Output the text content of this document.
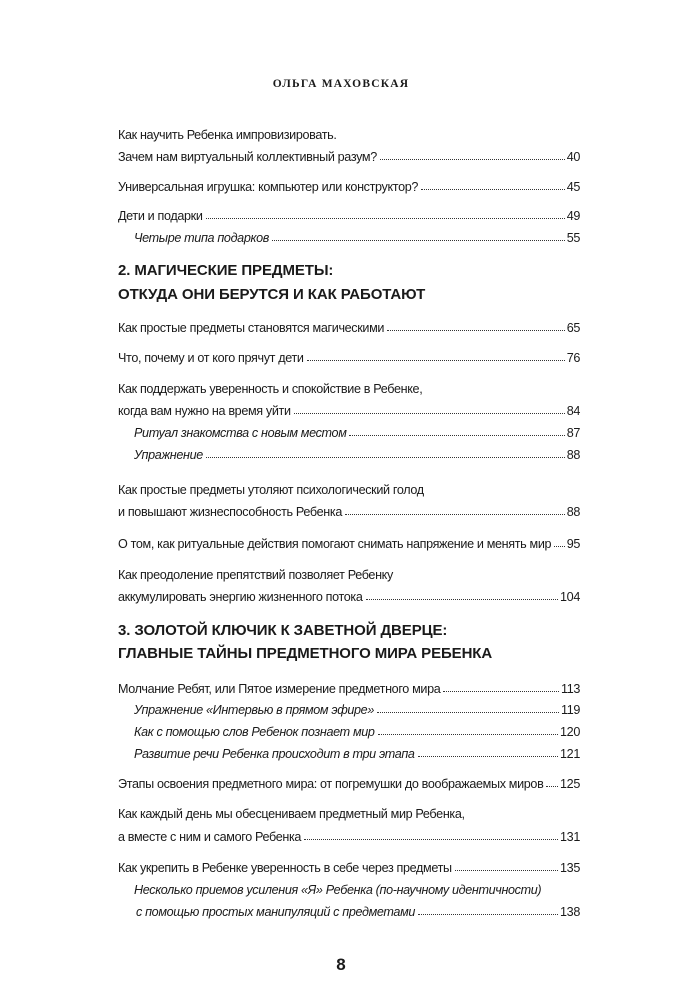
ОЛЬГА МАХОВСКАЯ
Как научить Ребенка импровизировать.
Зачем нам виртуальный коллективный разум?	40
Универсальная игрушка: компьютер или конструктор?	45
Дети и подарки	49
Четыре типа подарков	55
2. МАГИЧЕСКИЕ ПРЕДМЕТЫ:
ОТКУДА ОНИ БЕРУТСЯ И КАК РАБОТАЮТ
Как простые предметы становятся магическими	65
Что, почему и от кого прячут дети	76
Как поддержать уверенность и спокойствие в Ребенке,
когда вам нужно на время уйти	84
Ритуал знакомства с новым местом	87
Упражнение	88
Как простые предметы утоляют психологический голод
и повышают жизнеспособность Ребенка	88
О том, как ритуальные действия помогают снимать напряжение и менять мир 95
Как преодоление препятствий позволяет Ребенку
аккумулировать энергию жизненного потока	104
3. ЗОЛОТОЙ КЛЮЧИК К ЗАВЕТНОЙ ДВЕРЦЕ:
ГЛАВНЫЕ ТАЙНЫ ПРЕДМЕТНОГО МИРА РЕБЕНКА
Молчание Ребят, или Пятое измерение предметного мира	113
Упражнение «Интервью в прямом эфире»	119
Как с помощью слов Ребенок познает мир	120
Развитие речи Ребенка происходит в три этапа	121
Этапы освоения предметного мира: от погремушки до воображаемых миров 125
Как каждый день мы обесцениваем предметный мир Ребенка,
а вместе с ним и самого Ребенка	131
Как укрепить в Ребенке уверенность в себе через предметы	135
Несколько приемов усиления «Я» Ребенка (по-научному идентичности)
с помощью простых манипуляций с предметами	138
8
